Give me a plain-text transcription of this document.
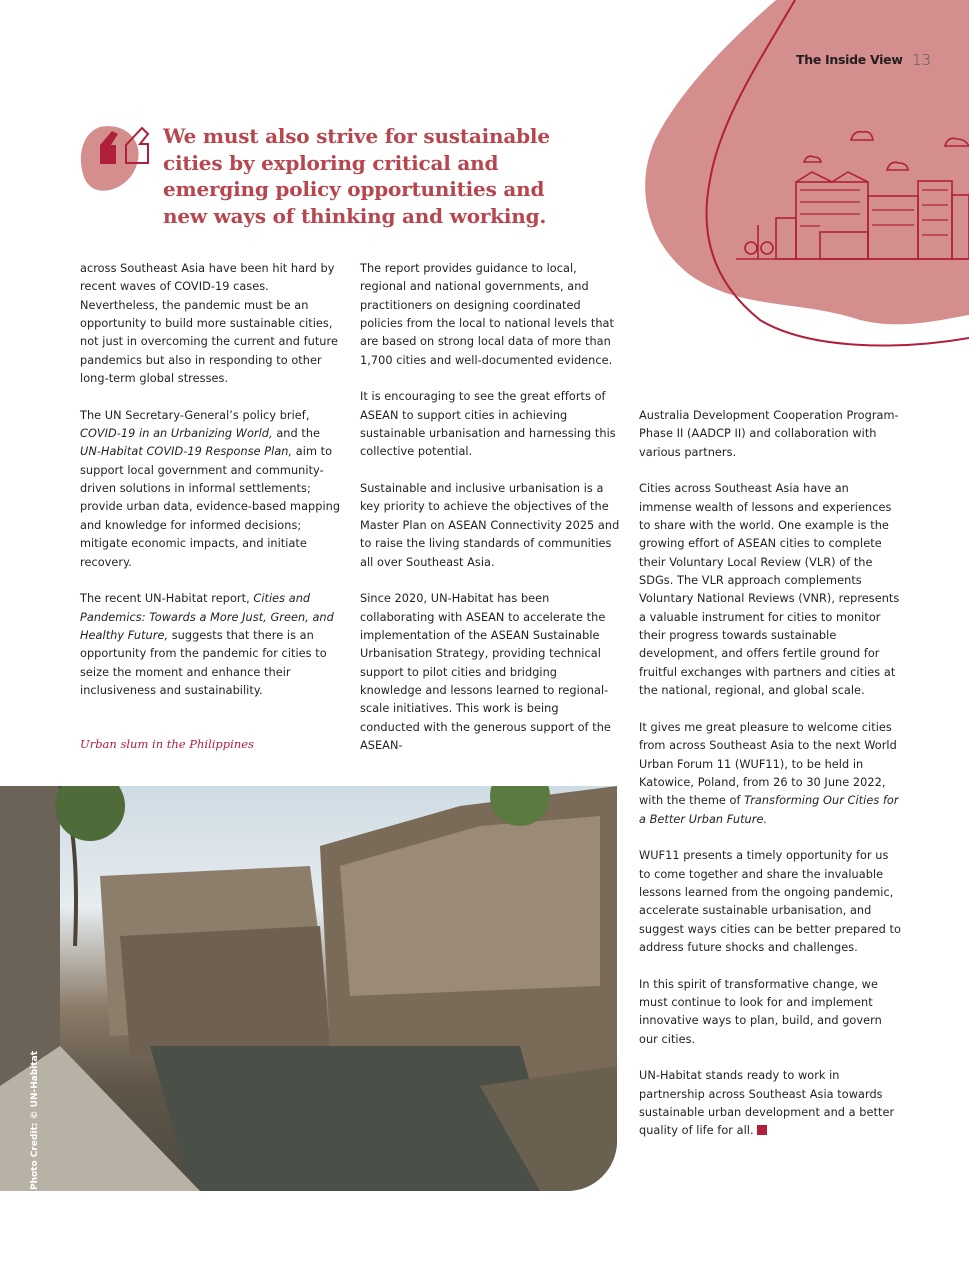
The Inside View 13
We must also strive for sustainable cities by exploring critical and emerging policy opportunities and new ways of thinking and working.

across Southeast Asia have been hit hard by recent waves of COVID-19 cases. Nevertheless, the pandemic must be an opportunity to build more sustainable cities, not just in overcoming the current and future pandemics but also in responding to other long-term global stresses.

The UN Secretary-General’s policy brief, COVID-19 in an Urbanizing World, and the UN-Habitat COVID-19 Response Plan, aim to support local government and community-driven solutions in informal settlements; provide urban data, evidence-based mapping and knowledge for informed decisions; mitigate economic impacts, and initiate recovery.

The recent UN-Habitat report, Cities and Pandemics: Towards a More Just, Green, and Healthy Future, suggests that there is an opportunity from the pandemic for cities to seize the moment and enhance their inclusiveness and sustainability.

The report provides guidance to local, regional and national governments, and practitioners on designing coordinated policies from the local to national levels that are based on strong local data of more than 1,700 cities and well-documented evidence.

It is encouraging to see the great efforts of ASEAN to support cities in achieving sustainable urbanisation and harnessing this collective potential.

Sustainable and inclusive urbanisation is a key priority to achieve the objectives of the Master Plan on ASEAN Connectivity 2025 and to raise the living standards of communities all over Southeast Asia.

Since 2020, UN-Habitat has been collaborating with ASEAN to accelerate the implementation of the ASEAN Sustainable Urbanisation Strategy, providing technical support to pilot cities and bridging knowledge and lessons learned to regional-scale initiatives. This work is being conducted with the generous support of the ASEAN-

Australia Development Cooperation Program-Phase II (AADCP II) and collaboration with various partners.

Cities across Southeast Asia have an immense wealth of lessons and experiences to share with the world. One example is the growing effort of ASEAN cities to complete their Voluntary Local Review (VLR) of the SDGs. The VLR approach complements Voluntary National Reviews (VNR), represents a valuable instrument for cities to monitor their progress towards sustainable development, and offers fertile ground for fruitful exchanges with partners and cities at the national, regional, and global scale.

It gives me great pleasure to welcome cities from across Southeast Asia to the next World Urban Forum 11 (WUF11), to be held in Katowice, Poland, from 26 to 30 June 2022, with the theme of Transforming Our Cities for a Better Urban Future.

WUF11 presents a timely opportunity for us to come together and share the invaluable lessons learned from the ongoing pandemic, accelerate sustainable urbanisation, and suggest ways cities can be better prepared to address future shocks and challenges.

In this spirit of transformative change, we must continue to look for and implement innovative ways to plan, build, and govern our cities.

UN-Habitat stands ready to work in partnership across Southeast Asia towards sustainable urban development and a better quality of life for all.

Urban slum in the Philippines
Photo Credit: © UN-Habitat
